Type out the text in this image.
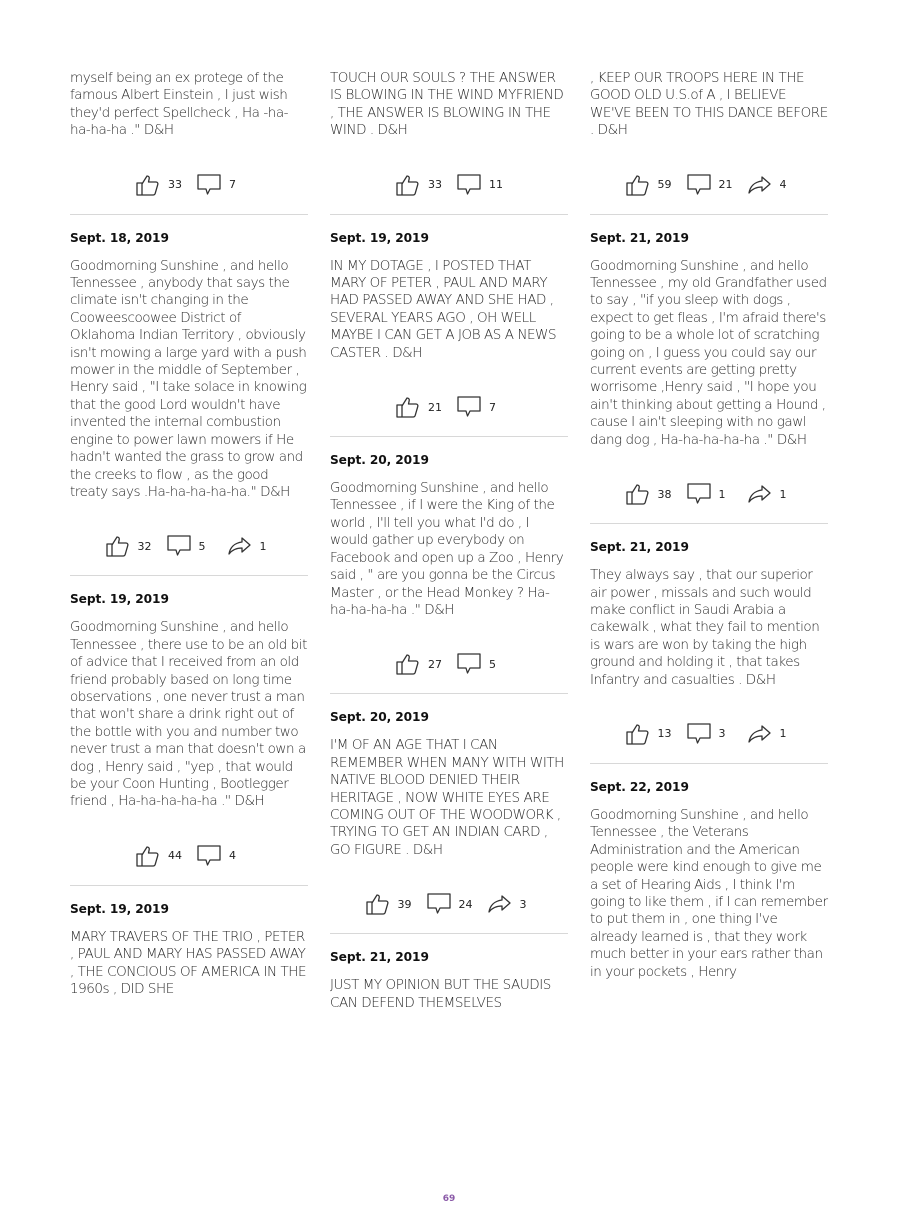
myself being an ex protege of the famous Albert Einstein , I just wish they'd perfect Spellcheck , Ha -ha-ha-ha-ha ." D&H

33	7

Sept. 18, 2019

Goodmorning Sunshine , and hello Tennessee , anybody that says the climate isn't changing in the Cooweescoowee District of Oklahoma Indian Territory , obviously isn't mowing a large yard with a push mower in the middle of September , Henry said , "I take solace in knowing that the good Lord wouldn't have invented the internal combustion engine to power lawn mowers if He hadn't wanted the grass to grow and the creeks to flow , as the good treaty says .Ha-ha-ha-ha-ha." D&H

32	5	1

Sept. 19, 2019

Goodmorning Sunshine , and hello Tennessee , there use to be an old bit of advice that I received from an old friend probably based on long time observations , one never trust a man that won't share a drink right out of the bottle with you and number two never trust a man that doesn't own a dog , Henry said , "yep , that would be your Coon Hunting , Bootlegger friend , Ha-ha-ha-ha-ha ." D&H

44	4

Sept. 19, 2019

MARY TRAVERS OF THE TRIO , PETER , PAUL AND MARY HAS PASSED AWAY , THE CONCIOUS OF AMERICA IN THE 1960s , DID SHE

TOUCH OUR SOULS ? THE ANSWER IS BLOWING IN THE WIND MYFRIEND , THE ANSWER IS BLOWING IN THE WIND . D&H

33	11

Sept. 19, 2019

IN MY DOTAGE , I POSTED THAT MARY OF PETER , PAUL AND MARY HAD PASSED AWAY AND SHE HAD , SEVERAL YEARS AGO , OH WELL MAYBE I CAN GET A JOB AS A NEWS CASTER . D&H

21	7

Sept. 20, 2019

Goodmorning Sunshine , and hello Tennessee , if I were the King of the world , I'll tell you what I'd do , I would gather up everybody on Facebook and open up a Zoo , Henry said , " are you gonna be the Circus Master , or the Head Monkey ? Ha-ha-ha-ha-ha ." D&H

27	5

Sept. 20, 2019

I'M OF AN AGE THAT I CAN REMEMBER WHEN MANY WITH WITH NATIVE BLOOD DENIED THEIR HERITAGE , NOW WHITE EYES ARE COMING OUT OF THE WOODWORK , TRYING TO GET AN INDIAN CARD , GO FIGURE . D&H

39	24	3

Sept. 21, 2019

JUST MY OPINION BUT THE SAUDIS CAN DEFEND THEMSELVES

, KEEP OUR TROOPS HERE IN THE GOOD OLD U.S.of A , I BELIEVE WE'VE BEEN TO THIS DANCE BEFORE . D&H

59	21	4

Sept. 21, 2019

Goodmorning Sunshine , and hello Tennessee , my old Grandfather used to say , "if you sleep with dogs , expect to get fleas , I'm afraid there's going to be a whole lot of scratching going on , I guess you could say our current events are getting pretty worrisome ,Henry said , "I hope you ain't thinking about getting a Hound , cause I ain't sleeping with no gawl dang dog , Ha-ha-ha-ha-ha ." D&H

38	1	1

Sept. 21, 2019

They always say , that our superior air power , missals and such would make conflict in Saudi Arabia a cakewalk , what they fail to mention is wars are won by taking the high ground and holding it , that takes Infantry and casualties . D&H

13	3	1

Sept. 22, 2019

Goodmorning Sunshine , and hello Tennessee , the Veterans Administration and the American people were kind enough to give me a set of Hearing Aids , I think I'm going to like them , if I can remember to put them in , one thing I've already learned is , that they work much better in your ears rather than in your pockets , Henry

69
